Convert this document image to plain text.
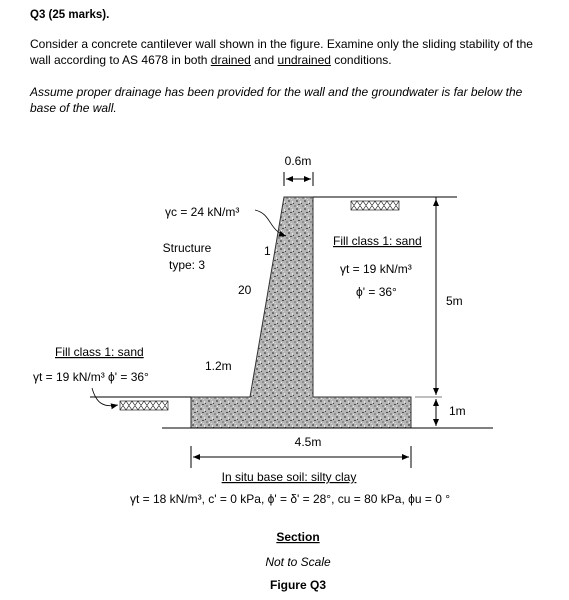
Q3 (25 marks).
Consider a concrete cantilever wall shown in the figure. Examine only the sliding stability of the wall according to AS 4678 in both drained and undrained conditions.
Assume proper drainage has been provided for the wall and the groundwater is far below the base of the wall.
0.6m
γc = 24 kN/m³
Structure
type: 3
1
20
Fill class 1: sand
γt = 19 kN/m³
ϕ' = 36°
5m
1m
Fill class 1: sand
γt = 19 kN/m³ ϕ' = 36°
1.2m
4.5m
In situ base soil: silty clay
γt = 18 kN/m³, c' = 0 kPa, ϕ' = δ' = 28°, cu = 80 kPa, ϕu = 0 °
Section
Not to Scale
Figure Q3
